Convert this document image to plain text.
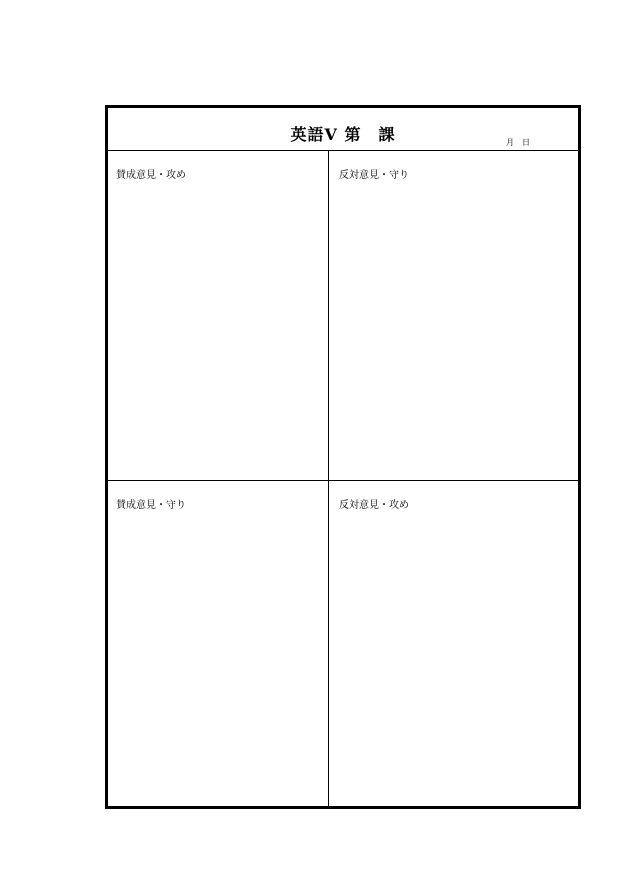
英語Ⅴ 第　課	月　日
賛成意見・攻め	反対意見・守り
賛成意見・守り	反対意見・攻め
